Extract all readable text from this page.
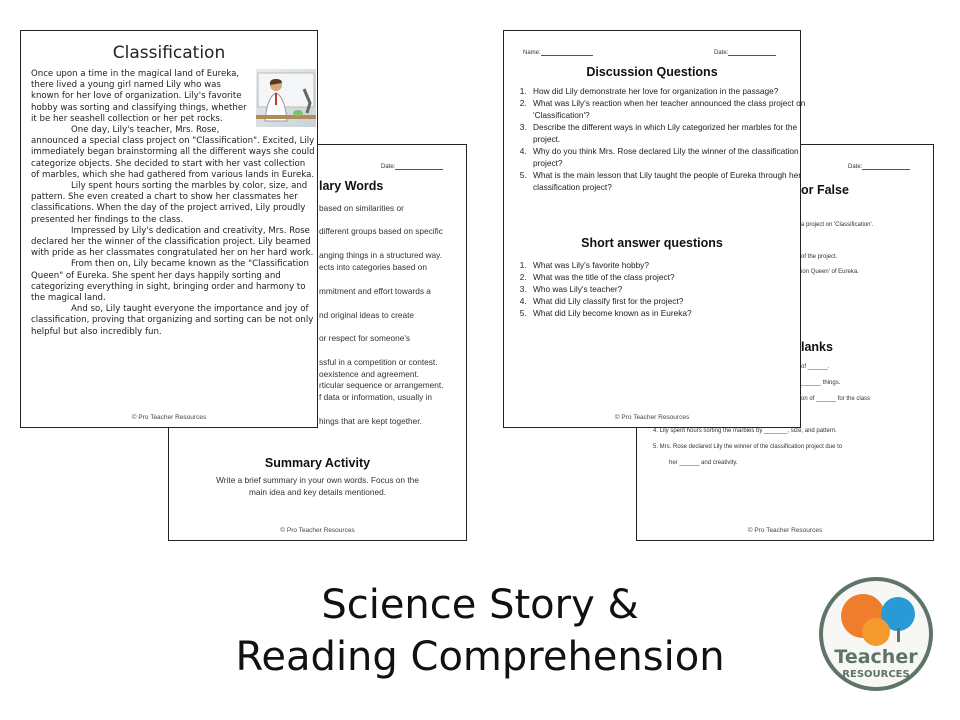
Date:
lary Words
based on similarities or
different groups based on specific
anging things in a structured way.
ects into categories based on
mmitment and effort towards a
nd original ideas to create
or respect for someone's
ssful in a competition or contest.
oexistence and agreement.
rticular sequence or arrangement.
f data or information, usually in
hings that are kept together.
Summary Activity
Write a brief summary in your own words. Focus on the
main idea and key details mentioned.
© Pro Teacher Resources
Date:
or False
a project on 'Classification'.
of the project.
ion Queen' of Eureka.
lanks
of ______.
______ things.
on of ______ for the class
4. Lily spent hours sorting the marbles by _______, size, and pattern.
5. Mrs. Rose declared Lily the winner of the classification project due to
her ______ and creativity.
© Pro Teacher Resources
Classification

Once upon a time in the magical land of Eureka, there lived a young girl named Lily who was known for her love of organization. Lily's favorite hobby was sorting and classifying things, whether it be her seashell collection or her pet rocks.

One day, Lily's teacher, Mrs. Rose, announced a special class project on "Classification". Excited, Lily immediately began brainstorming all the different ways she could categorize objects. She decided to start with her vast collection of marbles, which she had gathered from various lands in Eureka.

Lily spent hours sorting the marbles by color, size, and pattern. She even created a chart to show her classmates her classifications. When the day of the project arrived, Lily proudly presented her findings to the class.

Impressed by Lily's dedication and creativity, Mrs. Rose declared her the winner of the classification project. Lily beamed with pride as her classmates congratulated her on her hard work.

From then on, Lily became known as the "Classification Queen" of Eureka. She spent her days happily sorting and categorizing everything in sight, bringing order and harmony to the magical land.

And so, Lily taught everyone the importance and joy of classification, proving that organizing and sorting can be not only helpful but also incredibly fun.

© Pro Teacher Resources
Name:	Date:
Discussion Questions
1. How did Lily demonstrate her love for organization in the passage?
2. What was Lily's reaction when her teacher announced the class project on 'Classification'?
3. Describe the different ways in which Lily categorized her marbles for the project.
4. Why do you think Mrs. Rose declared Lily the winner of the classification project?
5. What is the main lesson that Lily taught the people of Eureka through her classification project?
Short answer questions
1. What was Lily's favorite hobby?
2. What was the title of the class project?
3. Who was Lily's teacher?
4. What did Lily classify first for the project?
5. What did Lily become known as in Eureka?
© Pro Teacher Resources
Science Story &
Reading Comprehension	Teacher
RESOURCES
